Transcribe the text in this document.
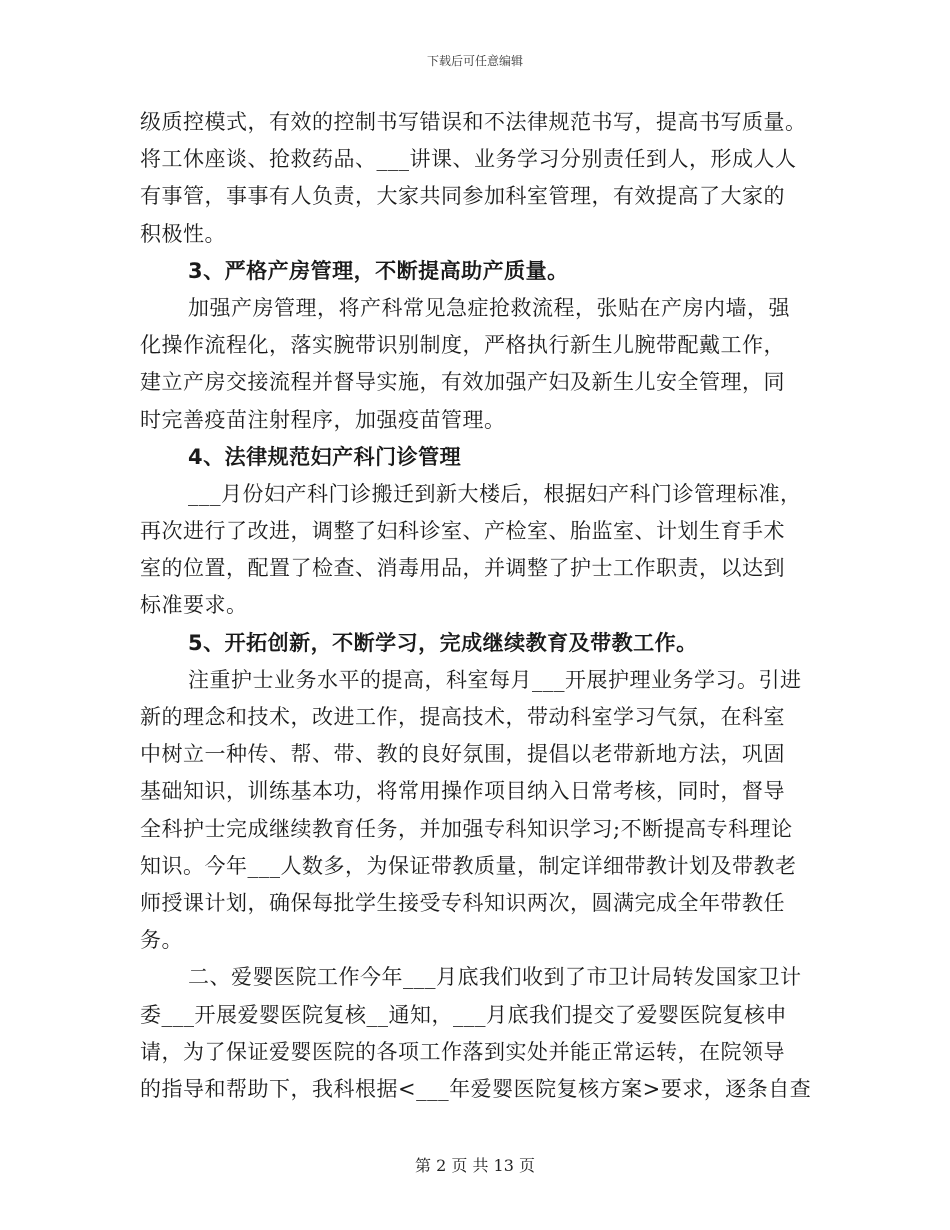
下载后可任意编辑
级质控模式，有效的控制书写错误和不法律规范书写，提高书写质量。
将工休座谈、抢救药品、___讲课、业务学习分别责任到人，形成人人
有事管，事事有人负责，大家共同参加科室管理，有效提高了大家的
积极性。
3、严格产房管理，不断提高助产质量。
加强产房管理，将产科常见急症抢救流程，张贴在产房内墙，强
化操作流程化，落实腕带识别制度，严格执行新生儿腕带配戴工作，
建立产房交接流程并督导实施，有效加强产妇及新生儿安全管理，同
时完善疫苗注射程序，加强疫苗管理。
4、法律规范妇产科门诊管理
___月份妇产科门诊搬迁到新大楼后，根据妇产科门诊管理标准，
再次进行了改进，调整了妇科诊室、产检室、胎监室、计划生育手术
室的位置，配置了检查、消毒用品，并调整了护士工作职责，以达到
标准要求。
5、开拓创新，不断学习，完成继续教育及带教工作。
注重护士业务水平的提高，科室每月___开展护理业务学习。引进
新的理念和技术，改进工作，提高技术，带动科室学习气氛，在科室
中树立一种传、帮、带、教的良好氛围，提倡以老带新地方法，巩固
基础知识，训练基本功，将常用操作项目纳入日常考核，同时，督导
全科护士完成继续教育任务，并加强专科知识学习;不断提高专科理论
知识。今年___人数多，为保证带教质量，制定详细带教计划及带教老
师授课计划，确保每批学生接受专科知识两次，圆满完成全年带教任
务。
二、爱婴医院工作今年___月底我们收到了市卫计局转发国家卫计
委___开展爱婴医院复核__通知，___月底我们提交了爱婴医院复核申
请，为了保证爱婴医院的各项工作落到实处并能正常运转，在院领导
的指导和帮助下，我科根据<___年爱婴医院复核方案>要求，逐条自查
第 2 页 共 13 页
